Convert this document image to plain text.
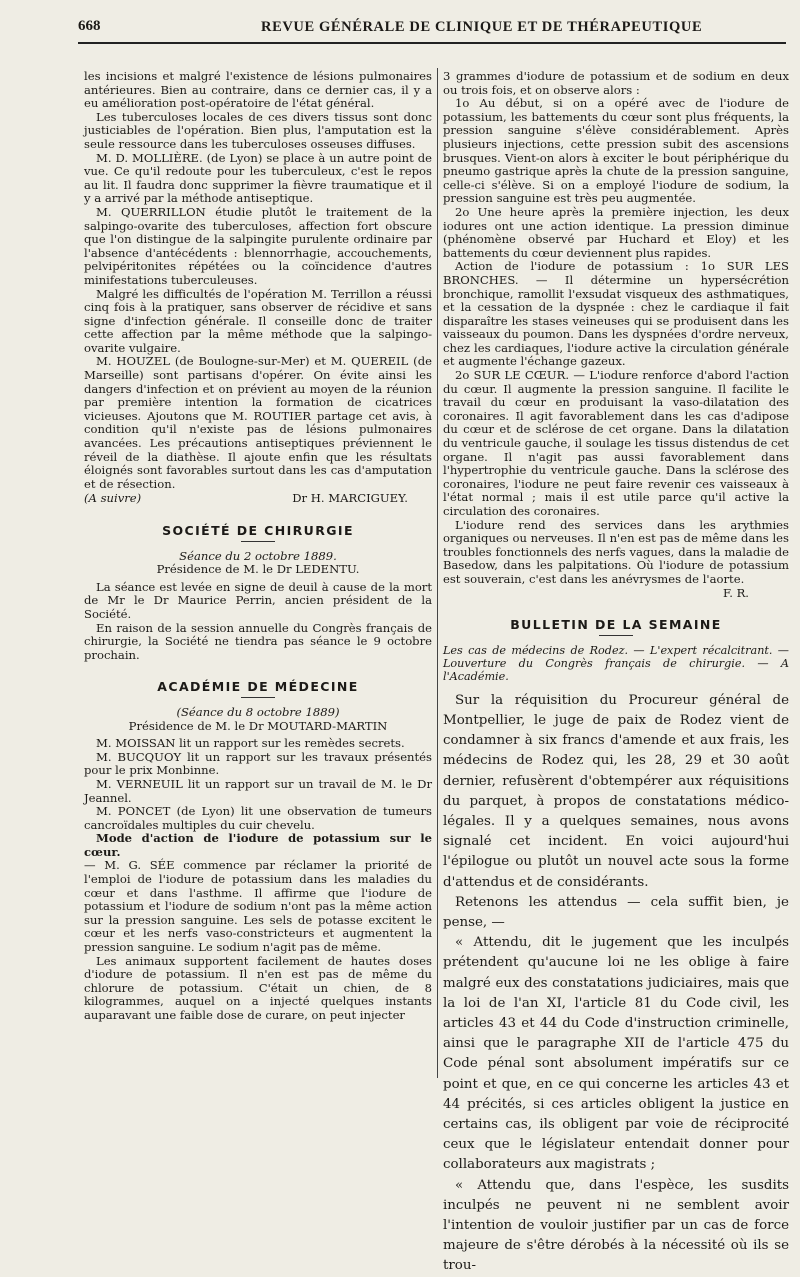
668	REVUE GÉNÉRALE DE CLINIQUE ET DE THÉRAPEUTIQUE

les incisions et malgré l'existence de lésions pulmonaires antérieures. Bien au contraire, dans ce dernier cas, il y a eu amélioration post-opératoire de l'état général.

Les tuberculoses locales de ces divers tissus sont donc justiciables de l'opération. Bien plus, l'amputation est la seule ressource dans les tuberculoses osseuses diffuses.

M. D. MOLLIÈRE. (de Lyon) se place à un autre point de vue. Ce qu'il redoute pour les tuberculeux, c'est le repos au lit. Il faudra donc supprimer la fièvre traumatique et il y a arrivé par la méthode antiseptique.

M. QUERRILLON étudie plutôt le traitement de la salpingo-ovarite des tuberculoses, affection fort obscure que l'on distingue de la salpingite purulente ordinaire par l'absence d'antécédents : blennorrhagie, accouchements, pelvipéritonites répétées ou la coïncidence d'autres minifestations tuberculeuses.

Malgré les difficultés de l'opération M. Terrillon a réussi cinq fois à la pratiquer, sans observer de récidive et sans signe d'infection générale. Il conseille donc de traiter cette affection par la même méthode que la salpingo-ovarite vulgaire.

M. HOUZEL (de Boulogne-sur-Mer) et M. QUEREIL (de Marseille) sont partisans d'opérer. On évite ainsi les dangers d'infection et on prévient au moyen de la réunion par première intention la formation de cicatrices vicieuses. Ajoutons que M. ROUTIER partage cet avis, à condition qu'il n'existe pas de lésions pulmonaires avancées. Les précautions antiseptiques préviennent le réveil de la diathèse. Il ajoute enfin que les résultats éloignés sont favorables surtout dans les cas d'amputation et de résection.

(A suivre)	Dr H. MARCIGUEY.
SOCIÉTÉ DE CHIRURGIE

Séance du 2 octobre 1889.

Présidence de M. le Dr LEDENTU.

La séance est levée en signe de deuil à cause de la mort de Mr le Dr Maurice Perrin, ancien président de la Société.

En raison de la session annuelle du Congrès français de chirurgie, la Société ne tiendra pas séance le 9 octobre prochain.

ACADÉMIE DE MÉDECINE

(Séance du 8 octobre 1889)

Présidence de M. le Dr MOUTARD-MARTIN

M. MOISSAN lit un rapport sur les remèdes secrets.

M. BUCQUOY lit un rapport sur les travaux présentés pour le prix Monbinne.

M. VERNEUIL lit un rapport sur un travail de M. le Dr Jeannel.

M. PONCET (de Lyon) lit une observation de tumeurs cancroïdales multiples du cuir chevelu.

Mode d'action de l'iodure de potassium sur le cœur.

— M. G. SÉE commence par réclamer la priorité de l'emploi de l'iodure de potassium dans les maladies du cœur et dans l'asthme. Il affirme que l'iodure de potassium et l'iodure de sodium n'ont pas la même action sur la pression sanguine. Les sels de potasse excitent le cœur et les nerfs vaso-constricteurs et augmentent la pression sanguine. Le sodium n'agit pas de même.

Les animaux supportent facilement de hautes doses d'iodure de potassium. Il n'en est pas de même du chlorure de potassium. C'était un chien, de 8 kilogrammes, auquel on a injecté quelques instants auparavant une faible dose de curare, on peut injecter

3 grammes d'iodure de potassium et de sodium en deux ou trois fois, et on observe alors :

1o Au début, si on a opéré avec de l'iodure de potassium, les battements du cœur sont plus fréquents, la pression sanguine s'élève considérablement. Après plusieurs injections, cette pression subit des ascensions brusques. Vient-on alors à exciter le bout périphérique du pneumo gastrique après la chute de la pression sanguine, celle-ci s'élève. Si on a employé l'iodure de sodium, la pression sanguine est très peu augmentée.

2o Une heure après la première injection, les deux iodures ont une action identique. La pression diminue (phénomène observé par Huchard et Eloy) et les battements du cœur deviennent plus rapides.

Action de l'iodure de potassium : 1o SUR LES BRONCHES. — Il détermine un hypersécrétion bronchique, ramollit l'exsudat visqueux des asthmatiques, et la cessation de la dyspnée : chez le cardiaque il fait disparaître les stases veineuses qui se produisent dans les vaisseaux du poumon. Dans les dyspnées d'ordre nerveux, chez les cardiaques, l'iodure active la circulation générale et augmente l'échange gazeux.

2o SUR LE CŒUR. — L'iodure renforce d'abord l'action du cœur. Il augmente la pression sanguine. Il facilite le travail du cœur en produisant la vaso-dilatation des coronaires. Il agit favorablement dans les cas d'adipose du cœur et de sclérose de cet organe. Dans la dilatation du ventricule gauche, il soulage les tissus distendus de cet organe. Il n'agit pas aussi favorablement dans l'hypertrophie du ventricule gauche. Dans la sclérose des coronaires, l'iodure ne peut faire revenir ces vaisseaux à l'état normal ; mais il est utile parce qu'il active la circulation des coronaires.

L'iodure rend des services dans les arythmies organiques ou nerveuses. Il n'en est pas de même dans les troubles fonctionnels des nerfs vagues, dans la maladie de Basedow, dans les palpitations. Où l'iodure de potassium est souverain, c'est dans les anévrysmes de l'aorte.

F. R.

BULLETIN DE LA SEMAINE

Les cas de médecins de Rodez. — L'expert récalcitrant. — Louverture du Congrès français de chirurgie. — A l'Académie.

Sur la réquisition du Procureur général de Montpellier, le juge de paix de Rodez vient de condamner à six francs d'amende et aux frais, les médecins de Rodez qui, les 28, 29 et 30 août dernier, refusèrent d'obtempérer aux réquisitions du parquet, à propos de constatations médico-légales. Il y a quelques semaines, nous avons signalé cet incident. En voici aujourd'hui l'épilogue ou plutôt un nouvel acte sous la forme d'attendus et de considérants.

Retenons les attendus — cela suffit bien, je pense, —

« Attendu, dit le jugement que les inculpés prétendent qu'aucune loi ne les oblige à faire malgré eux des constatations judiciaires, mais que la loi de l'an XI, l'article 81 du Code civil, les articles 43 et 44 du Code d'instruction criminelle, ainsi que le paragraphe XII de l'article 475 du Code pénal sont absolument impératifs sur ce point et que, en ce qui concerne les articles 43 et 44 précités, si ces articles obligent la justice en certains cas, ils obligent par voie de réciprocité ceux que le législateur entendait donner pour collaborateurs aux magistrats ;

« Attendu que, dans l'espèce, les susdits inculpés ne peuvent ni ne semblent avoir l'intention de vouloir justifier par un cas de force majeure de s'être dérobés à la nécessité où ils se trou-
